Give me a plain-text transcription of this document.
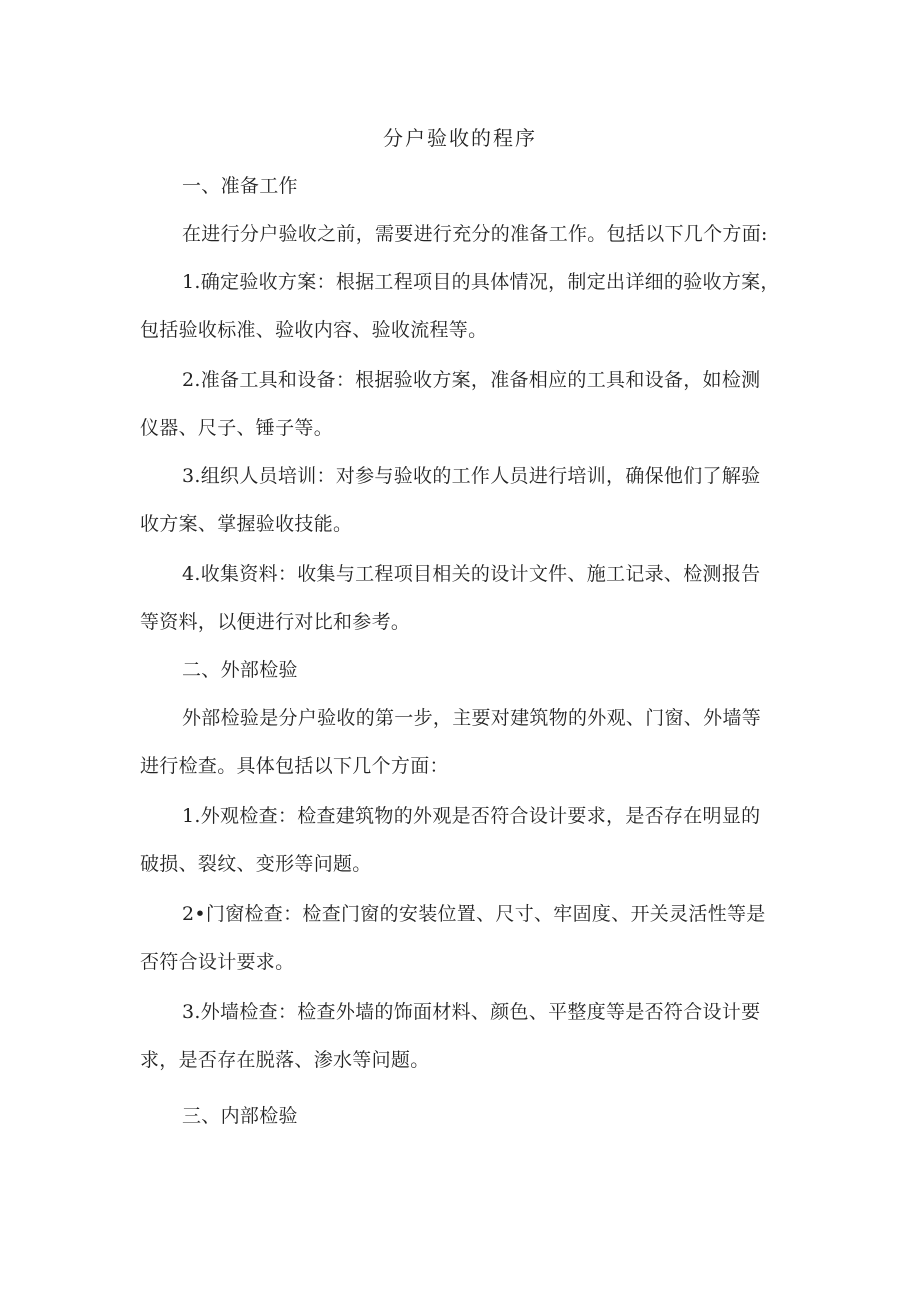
分户验收的程序
一、准备工作
在进行分户验收之前，需要进行充分的准备工作。包括以下几个方面:
1.确定验收方案：根据工程项目的具体情况，制定出详细的验收方案，
包括验收标准、验收内容、验收流程等。
2.准备工具和设备：根据验收方案，准备相应的工具和设备，如检测
仪器、尺子、锤子等。
3.组织人员培训：对参与验收的工作人员进行培训，确保他们了解验
收方案、掌握验收技能。
4.收集资料：收集与工程项目相关的设计文件、施工记录、检测报告
等资料，以便进行对比和参考。
二、外部检验
外部检验是分户验收的第一步，主要对建筑物的外观、门窗、外墙等
进行检查。具体包括以下几个方面：
1.外观检查：检查建筑物的外观是否符合设计要求，是否存在明显的
破损、裂纹、变形等问题。
2•门窗检查：检查门窗的安装位置、尺寸、牢固度、开关灵活性等是
否符合设计要求。
3.外墙检查：检查外墙的饰面材料、颜色、平整度等是否符合设计要
求，是否存在脱落、渗水等问题。
三、内部检验
